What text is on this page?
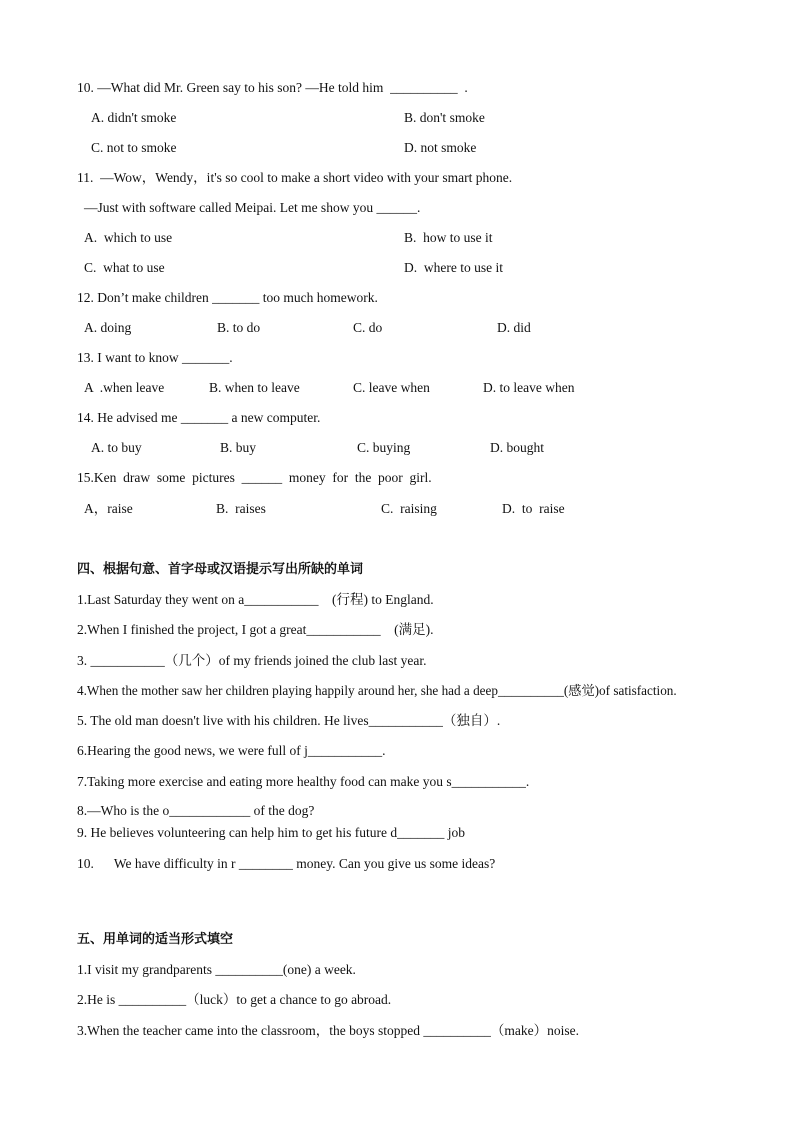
10. —What did Mr. Green say to his son? —He told him  __________  .
A. didn't smoke	B. don't smoke
C. not to smoke	D. not smoke
11.  —Wow，Wendy，it's so cool to make a short video with your smart phone.
—Just with software called Meipai. Let me show you ______.
A.  which to use	B.  how to use it
C.  what to use	D.  where to use it
12. Don’t make children _______ too much homework.
A. doing	B. to do	C. do	D. did
13. I want to know _______.
A  .when leave	B. when to leave	C. leave when	D. to leave when
14. He advised me _______ a new computer.
A. to buy	B. buy	C. buying	D. bought
15.Ken  draw  some  pictures  ______  money  for  the  poor  girl.
A，raise	B.  raises	C.  raising	D.  to  raise
四、根据句意、首字母或汉语提示写出所缺的单词
1.Last Saturday they went on a___________    (行程) to England.
2.When I finished the project, I got a great___________    (满足).
3. ___________（几个）of my friends joined the club last year.
4.When the mother saw her children playing happily around her, she had a deep__________(感觉)of satisfaction.
5. The old man doesn't live with his children. He lives___________（独自）.
6.Hearing the good news, we were full of j___________.
7.Taking more exercise and eating more healthy food can make you s___________.
8.—Who is the o____________ of the dog?
9. He believes volunteering can help him to get his future d_______ job
10.      We have difficulty in r ________ money. Can you give us some ideas?
五、用单词的适当形式填空
1.I visit my grandparents __________(one) a week.
2.He is __________（luck）to get a chance to go abroad.
3.When the teacher came into the classroom，the boys stopped __________（make）noise.
